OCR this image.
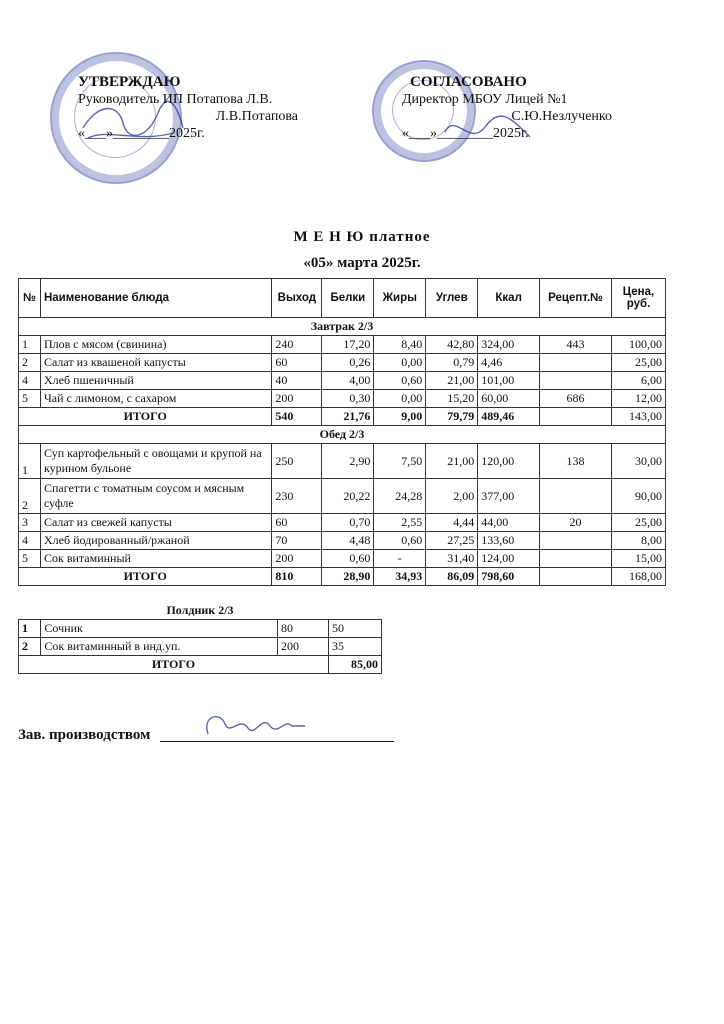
УТВЕРЖДАЮ
Руководитель ИП Потапова Л.В.
Л.В.Потапова
«___»________2025г.
СОГЛАСОВАНО
Директор МБОУ Лицей №1
С.Ю.Незлученко
«___»________2025г.
М Е Н Ю платное
«05» марта 2025г.
№	Наименование блюда	Выход	Белки	Жиры	Углев	Ккал	Рецепт.№	Цена, руб.
Завтрак 2/3								
1	Плов с мясом (свинина)	240	17,20	8,40	42,80	324,00	443	100,00
2	Салат из квашеной капусты	60	0,26	0,00	0,79	4,46		25,00
4	Хлеб пшеничный	40	4,00	0,60	21,00	101,00		6,00
5	Чай с лимоном, с сахаром	200	0,30	0,00	15,20	60,00	686	12,00
ИТОГО		540	21,76	9,00	79,79	489,46		143,00
Обед 2/3								
1	Суп картофельный с овощами и крупой на курином бульоне	250	2,90	7,50	21,00	120,00	138	30,00
2	Спагетти с томатным соусом и мясным суфле	230	20,22	24,28	2,00	377,00		90,00
3	Салат из свежей капусты	60	0,70	2,55	4,44	44,00	20	25,00
4	Хлеб йодированный/ржаной	70	4,48	0,60	27,25	133,60		8,00
5	Сок витаминный	200	0,60	-	31,40	124,00		15,00
ИТОГО		810	28,90	34,93	86,09	798,60		168,00
Полдник 2/3
1	Сочник	80	50
2	Сок витаминный в инд.уп.	200	35
ИТОГО			85,00
Зав. производством
